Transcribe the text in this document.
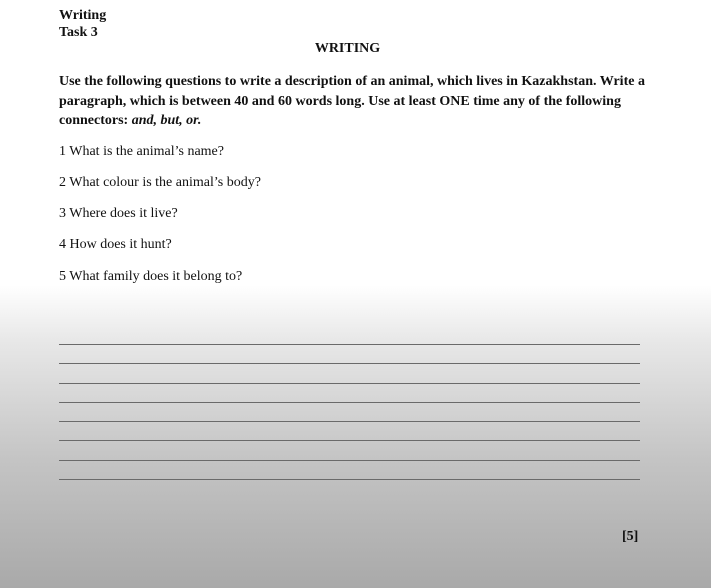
Writing
Task 3
WRITING

Use the following questions to write a description of an animal, which lives in Kazakhstan. Write a paragraph, which is between 40 and 60 words long. Use at least ONE time any of the following connectors: and, but, or.

1 What is the animal’s name?
2 What colour is the animal’s body?
3 Where does it live?
4 How does it hunt?
5 What family does it belong to?
[5]
